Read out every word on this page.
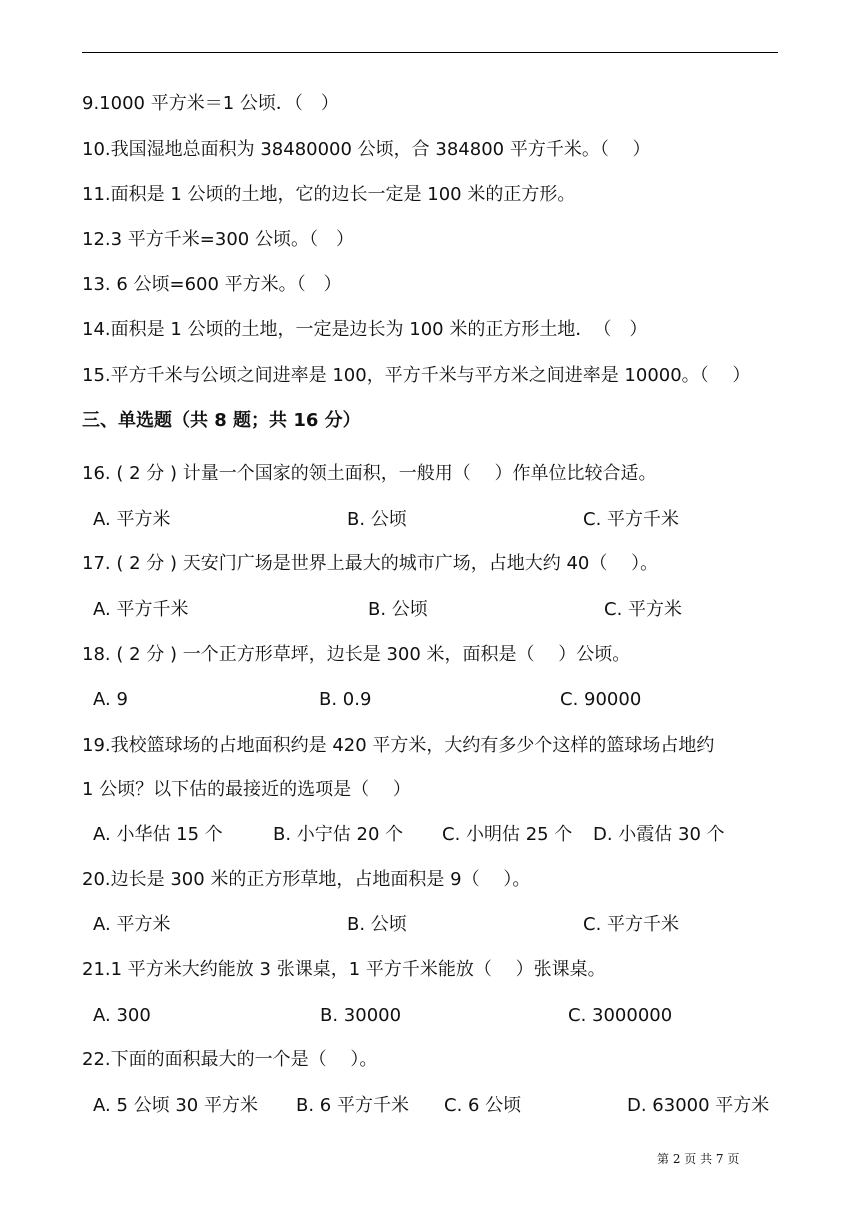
9.1000 平方米＝1 公顷．（　）
10.我国湿地总面积为 38480000 公顷，合 384800 平方千米。（　 ）
11.面积是 1 公顷的土地，它的边长一定是 100 米的正方形。
12.3 平方千米=300 公顷。（　）
13. 6 公顷=600 平方米。（　）
14.面积是 1 公顷的土地，一定是边长为 100 米的正方形土地．　（　）
15.平方千米与公顷之间进率是 100，平方千米与平方米之间进率是 10000。（　 ）
三、单选题（共 8 题；共 16 分）
16. ( 2 分 ) 计量一个国家的领土面积，一般用（　 ）作单位比较合适。
A. 平方米	B. 公顷	C. 平方千米
17. ( 2 分 ) 天安门广场是世界上最大的城市广场，占地大约 40（　 ）。
A. 平方千米	B. 公顷	C. 平方米
18. ( 2 分 ) 一个正方形草坪，边长是 300 米，面积是（　 ）公顷。
A. 9	B. 0.9	C. 90000
19.我校篮球场的占地面积约是 420 平方米，大约有多少个这样的篮球场占地约
1 公顷？以下估的最接近的选项是（　 ）
A. 小华估 15 个	B. 小宁估 20 个 C. 小明估 25 个 D. 小霞估 30 个
20.边长是 300 米的正方形草地，占地面积是 9（　 ）。
A. 平方米	B. 公顷	C. 平方千米
21.1 平方米大约能放 3 张课桌，1 平方千米能放（　 ）张课桌。
A. 300	B. 30000	C. 3000000
22.下面的面积最大的一个是（　 ）。
A. 5 公顷 30 平方米 B. 6 平方千米 C. 6 公顷	D. 63000 平方米
第 2 页 共 7 页
